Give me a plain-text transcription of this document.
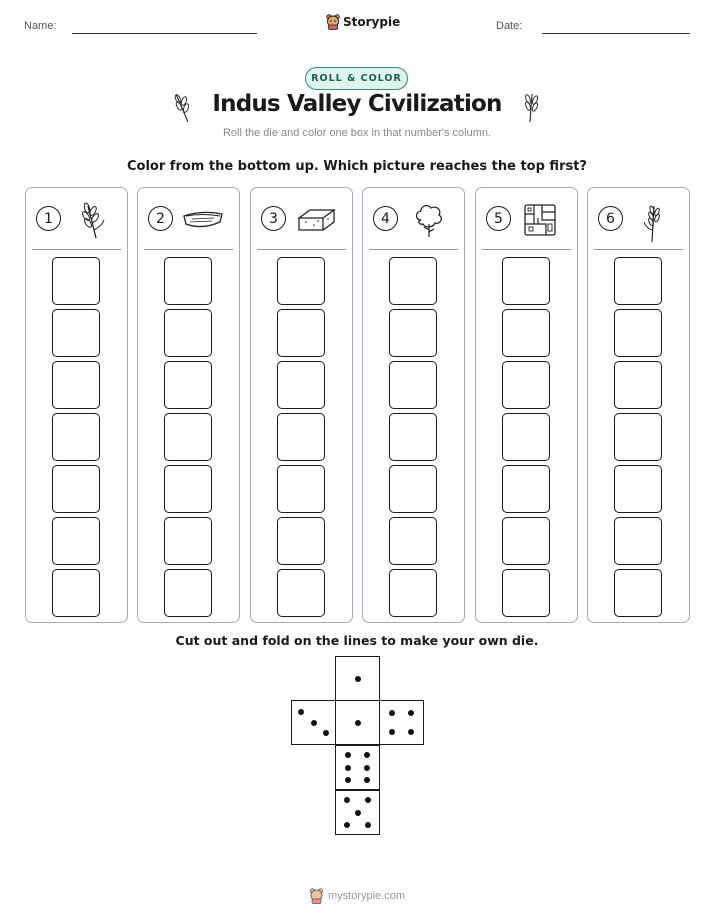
Name:	Storypie	Date:
ROLL & COLOR
Indus Valley Civilization
Roll the die and color one box in that number's column.
Color from the bottom up. Which picture reaches the top first?
1	2	3	4	5	6
Cut out and fold on the lines to make your own die.
mystorypie.com
